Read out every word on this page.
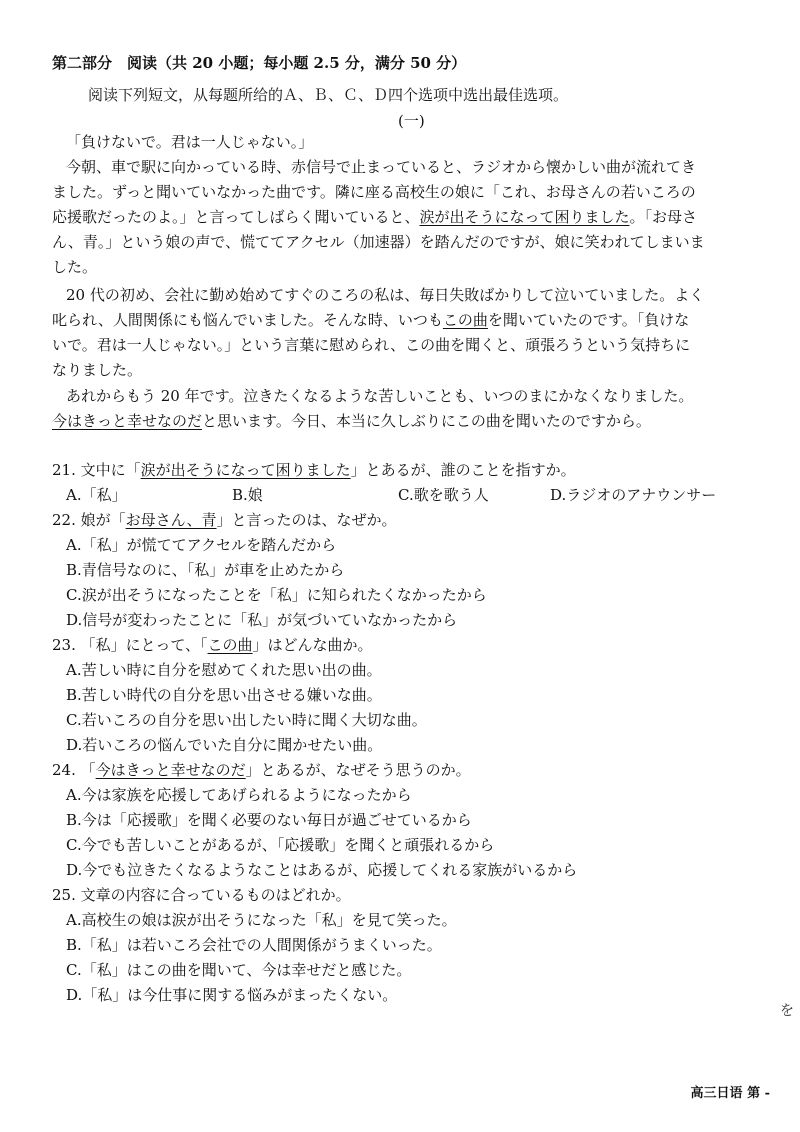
第二部分　阅读（共 20 小题；每小题 2.5 分，满分 50 分）
阅读下列短文，从每题所给的Ａ、Ｂ、Ｃ、Ｄ四个选项中选出最佳选项。
(一)
「負けないで。君は一人じゃない。」
今朝、車で駅に向かっている時、赤信号で止まっていると、ラジオから懐かしい曲が流れてき
ました。ずっと聞いていなかった曲です。隣に座る高校生の娘に「これ、お母さんの若いころの
応援歌だったのよ。」と言ってしばらく聞いていると、涙が出そうになって困りました。「お母さ
ん、青。」という娘の声で、慌ててアクセル（加速器）を踏んだのですが、娘に笑われてしまいま
した。
20 代の初め、会社に勤め始めてすぐのころの私は、毎日失敗ばかりして泣いていました。よく
叱られ、人間関係にも悩んでいました。そんな時、いつもこの曲を聞いていたのです。「負けな
いで。君は一人じゃない。」という言葉に慰められ、この曲を聞くと、頑張ろうという気持ちに
なりました。
あれからもう 20 年です。泣きたくなるような苦しいことも、いつのまにかなくなりました。
今はきっと幸せなのだと思います。今日、本当に久しぶりにこの曲を聞いたのですから。
21. 文中に「涙が出そうになって困りました」とあるが、誰のことを指すか。
A.「私」	B.娘	C.歌を歌う人	D.ラジオのアナウンサー
22. 娘が「お母さん、青」と言ったのは、なぜか。
A.「私」が慌ててアクセルを踏んだから
B.青信号なのに、「私」が車を止めたから
C.涙が出そうになったことを「私」に知られたくなかったから
D.信号が変わったことに「私」が気づいていなかったから
23. 「私」にとって、「この曲」はどんな曲か。
A.苦しい時に自分を慰めてくれた思い出の曲。
B.苦しい時代の自分を思い出させる嫌いな曲。
C.若いころの自分を思い出したい時に聞く大切な曲。
D.若いころの悩んでいた自分に聞かせたい曲。
24. 「今はきっと幸せなのだ」とあるが、なぜそう思うのか。
A.今は家族を応援してあげられるようになったから
B.今は「応援歌」を聞く必要のない毎日が過ごせているから
C.今でも苦しいことがあるが、「応援歌」を聞くと頑張れるから
D.今でも泣きたくなるようなことはあるが、応援してくれる家族がいるから
25. 文章の内容に合っているものはどれか。
A.高校生の娘は涙が出そうになった「私」を見て笑った。
B.「私」は若いころ会社での人間関係がうまくいった。
C.「私」はこの曲を聞いて、今は幸せだと感じた。
D.「私」は今仕事に関する悩みがまったくない。
を
高三日语 第 -
